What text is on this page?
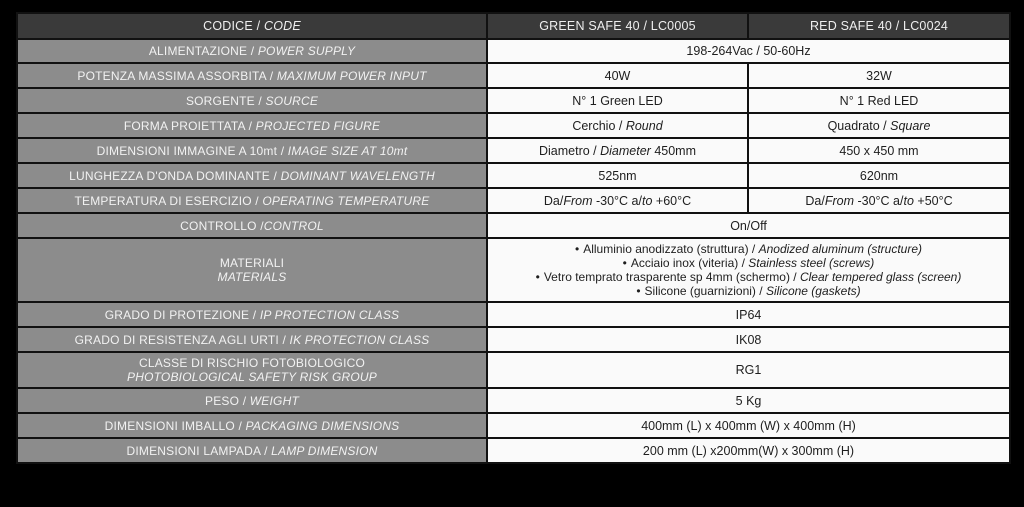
CODICE / CODE	GREEN SAFE 40 / LC0005	RED SAFE 40 / LC0024
ALIMENTAZIONE / POWER SUPPLY	198-264Vac / 50-60Hz	
POTENZA MASSIMA ASSORBITA / MAXIMUM POWER INPUT	40W	32W
SORGENTE / SOURCE	N° 1 Green LED	N° 1 Red LED
FORMA PROIETTATA / PROJECTED FIGURE	Cerchio / Round	Quadrato / Square
DIMENSIONI IMMAGINE A 10mt / IMAGE SIZE AT 10mt	Diametro / Diameter 450mm	450 x 450 mm
LUNGHEZZA D'ONDA DOMINANTE / DOMINANT WAVELENGTH	525nm	620nm
TEMPERATURA DI ESERCIZIO / OPERATING TEMPERATURE	Da/From -30°C a/to +60°C	Da/From -30°C a/to +50°C
CONTROLLO /CONTROL	On/Off	

MATERIALI
MATERIALS	• Alluminio anodizzato (struttura) / Anodized aluminum (structure)
• Acciaio inox (viteria) / Stainless steel (screws)
• Vetro temprato trasparente sp 4mm (schermo) / Clear tempered glass (screen)
• Silicone (guarnizioni) / Silicone (gaskets)	

GRADO DI PROTEZIONE / IP PROTECTION CLASS	IP64	
GRADO DI RESISTENZA AGLI URTI / IK PROTECTION CLASS	IK08	

CLASSE DI RISCHIO FOTOBIOLOGICO
PHOTOBIOLOGICAL SAFETY RISK GROUP	RG1	
PESO / WEIGHT	5 Kg	
DIMENSIONI IMBALLO / PACKAGING DIMENSIONS	400mm (L) x 400mm (W) x 400mm (H)	
DIMENSIONI LAMPADA / LAMP DIMENSION	200 mm (L) x200mm(W) x 300mm (H)	
